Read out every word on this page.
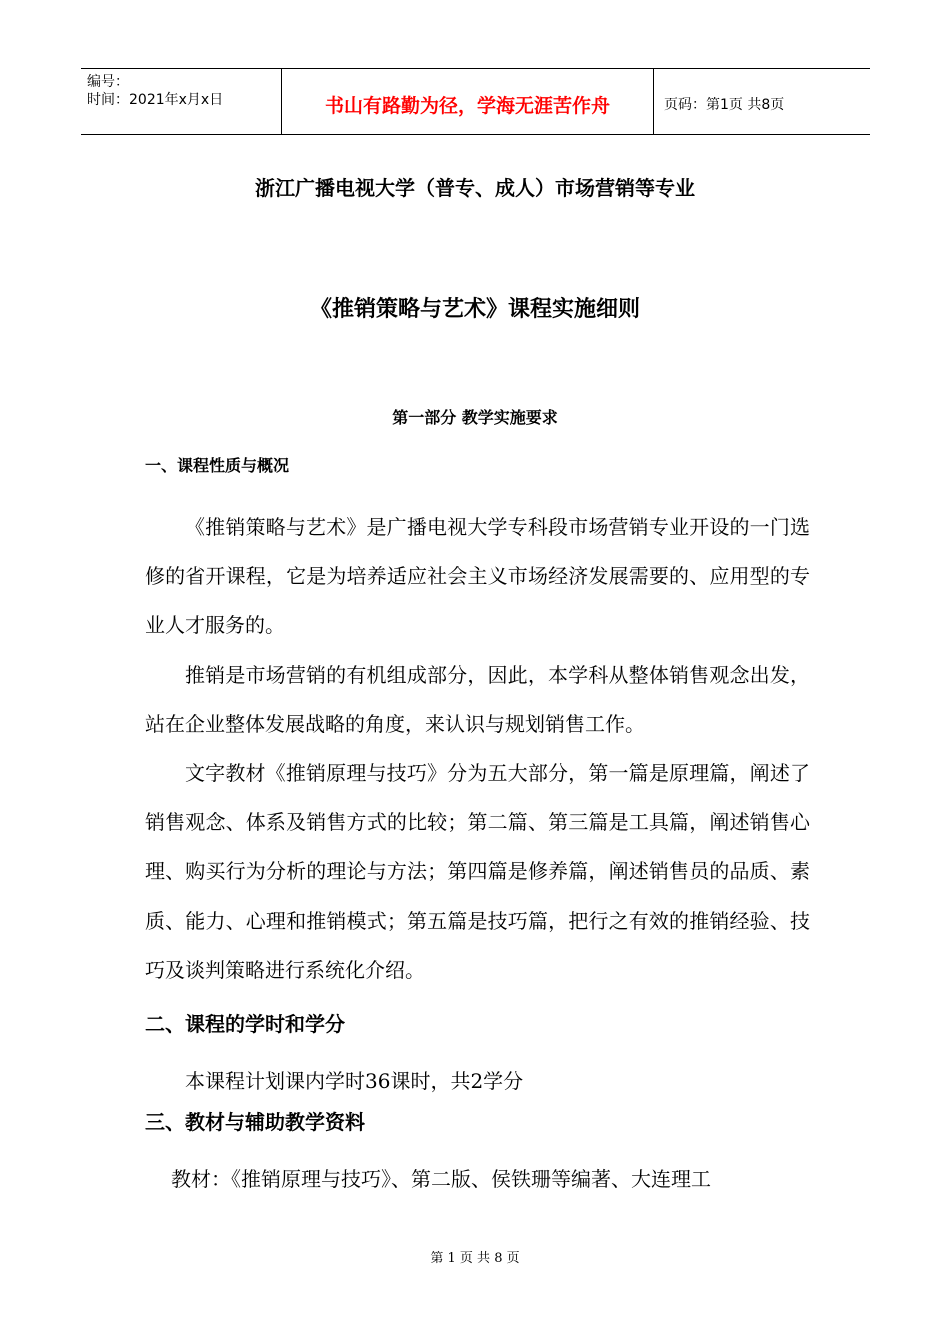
编号：
时间：2021年x月x日	书山有路勤为径，学海无涯苦作舟	页码：第1页 共8页
浙江广播电视大学（普专、成人）市场营销等专业
《推销策略与艺术》课程实施细则
第一部分 教学实施要求
一、课程性质与概况

《推销策略与艺术》是广播电视大学专科段市场营销专业开设的一门选修的省开课程，它是为培养适应社会主义市场经济发展需要的、应用型的专业人才服务的。

推销是市场营销的有机组成部分，因此，本学科从整体销售观念出发，站在企业整体发展战略的角度，来认识与规划销售工作。

文字教材《推销原理与技巧》分为五大部分，第一篇是原理篇，阐述了销售观念、体系及销售方式的比较；第二篇、第三篇是工具篇，阐述销售心理、购买行为分析的理论与方法；第四篇是修养篇，阐述销售员的品质、素质、能力、心理和推销模式；第五篇是技巧篇，把行之有效的推销经验、技巧及谈判策略进行系统化介绍。

二、课程的学时和学分

本课程计划课内学时36课时，共2学分

三、教材与辅助教学资料

教材：《推销原理与技巧》、第二版、侯铁珊等编著、大连理工

第 1 页 共 8 页
